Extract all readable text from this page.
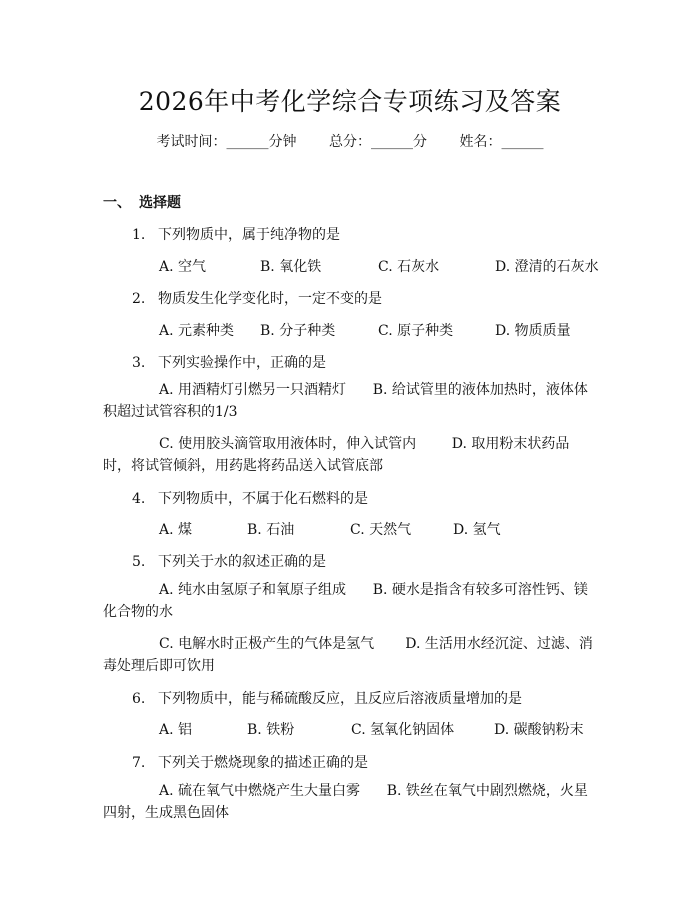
2026年中考化学综合专项练习及答案
考试时间：______分钟 总分：______分 姓名：______
一、 选择题
1. 下列物质中，属于纯净物的是
A. 空气	B. 氧化铁	C. 石灰水	D. 澄清的石灰水
2. 物质发生化学变化时，一定不变的是
A. 元素种类 B. 分子种类	C. 原子种类	D. 物质质量
3. 下列实验操作中，正确的是
A. 用酒精灯引燃另一只酒精灯 B. 给试管里的液体加热时，液体体积超过试管容积的1/3
C. 使用胶头滴管取用液体时，伸入试管内	D. 取用粉末状药品时，将试管倾斜，用药匙将药品送入试管底部
4. 下列物质中，不属于化石燃料的是
A. 煤	B. 石油	C. 天然气	D. 氢气
5. 下列关于水的叙述正确的是
A. 纯水由氢原子和氧原子组成 B. 硬水是指含有较多可溶性钙、镁化合物的水
C. 电解水时正极产生的气体是氢气 D. 生活用水经沉淀、过滤、消毒处理后即可饮用
6. 下列物质中，能与稀硫酸反应，且反应后溶液质量增加的是
A. 铝	B. 铁粉	C. 氢氧化钠固体	D. 碳酸钠粉末
7. 下列关于燃烧现象的描述正确的是
A. 硫在氧气中燃烧产生大量白雾 B. 铁丝在氧气中剧烈燃烧，火星四射，生成黑色固体
